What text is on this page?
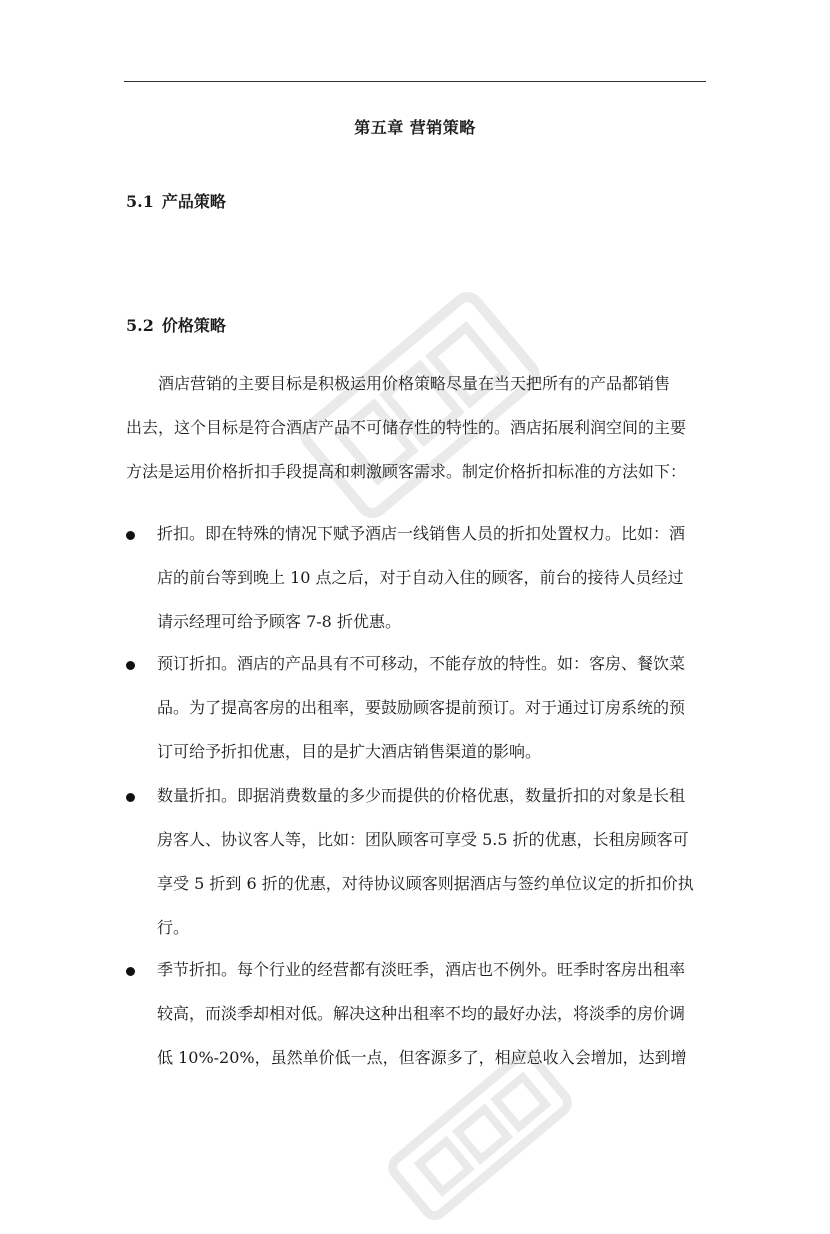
第五章 营销策略
5.1 产品策略
5.2 价格策略
酒店营销的主要目标是积极运用价格策略尽量在当天把所有的产品都销售
出去，这个目标是符合酒店产品不可储存性的特性的。酒店拓展利润空间的主要
方法是运用价格折扣手段提高和刺激顾客需求。制定价格折扣标准的方法如下：
折扣。即在特殊的情况下赋予酒店一线销售人员的折扣处置权力。比如：酒
店的前台等到晚上 10 点之后，对于自动入住的顾客，前台的接待人员经过
请示经理可给予顾客 7-8 折优惠。
预订折扣。酒店的产品具有不可移动，不能存放的特性。如：客房、餐饮菜
品。为了提高客房的出租率，要鼓励顾客提前预订。对于通过订房系统的预
订可给予折扣优惠，目的是扩大酒店销售渠道的影响。
数量折扣。即据消费数量的多少而提供的价格优惠，数量折扣的对象是长租
房客人、协议客人等，比如：团队顾客可享受 5.5 折的优惠，长租房顾客可
享受 5 折到 6 折的优惠，对待协议顾客则据酒店与签约单位议定的折扣价执
行。
季节折扣。每个行业的经营都有淡旺季，酒店也不例外。旺季时客房出租率
较高，而淡季却相对低。解决这种出租率不均的最好办法，将淡季的房价调
低 10%-20%，虽然单价低一点，但客源多了，相应总收入会增加，达到增
